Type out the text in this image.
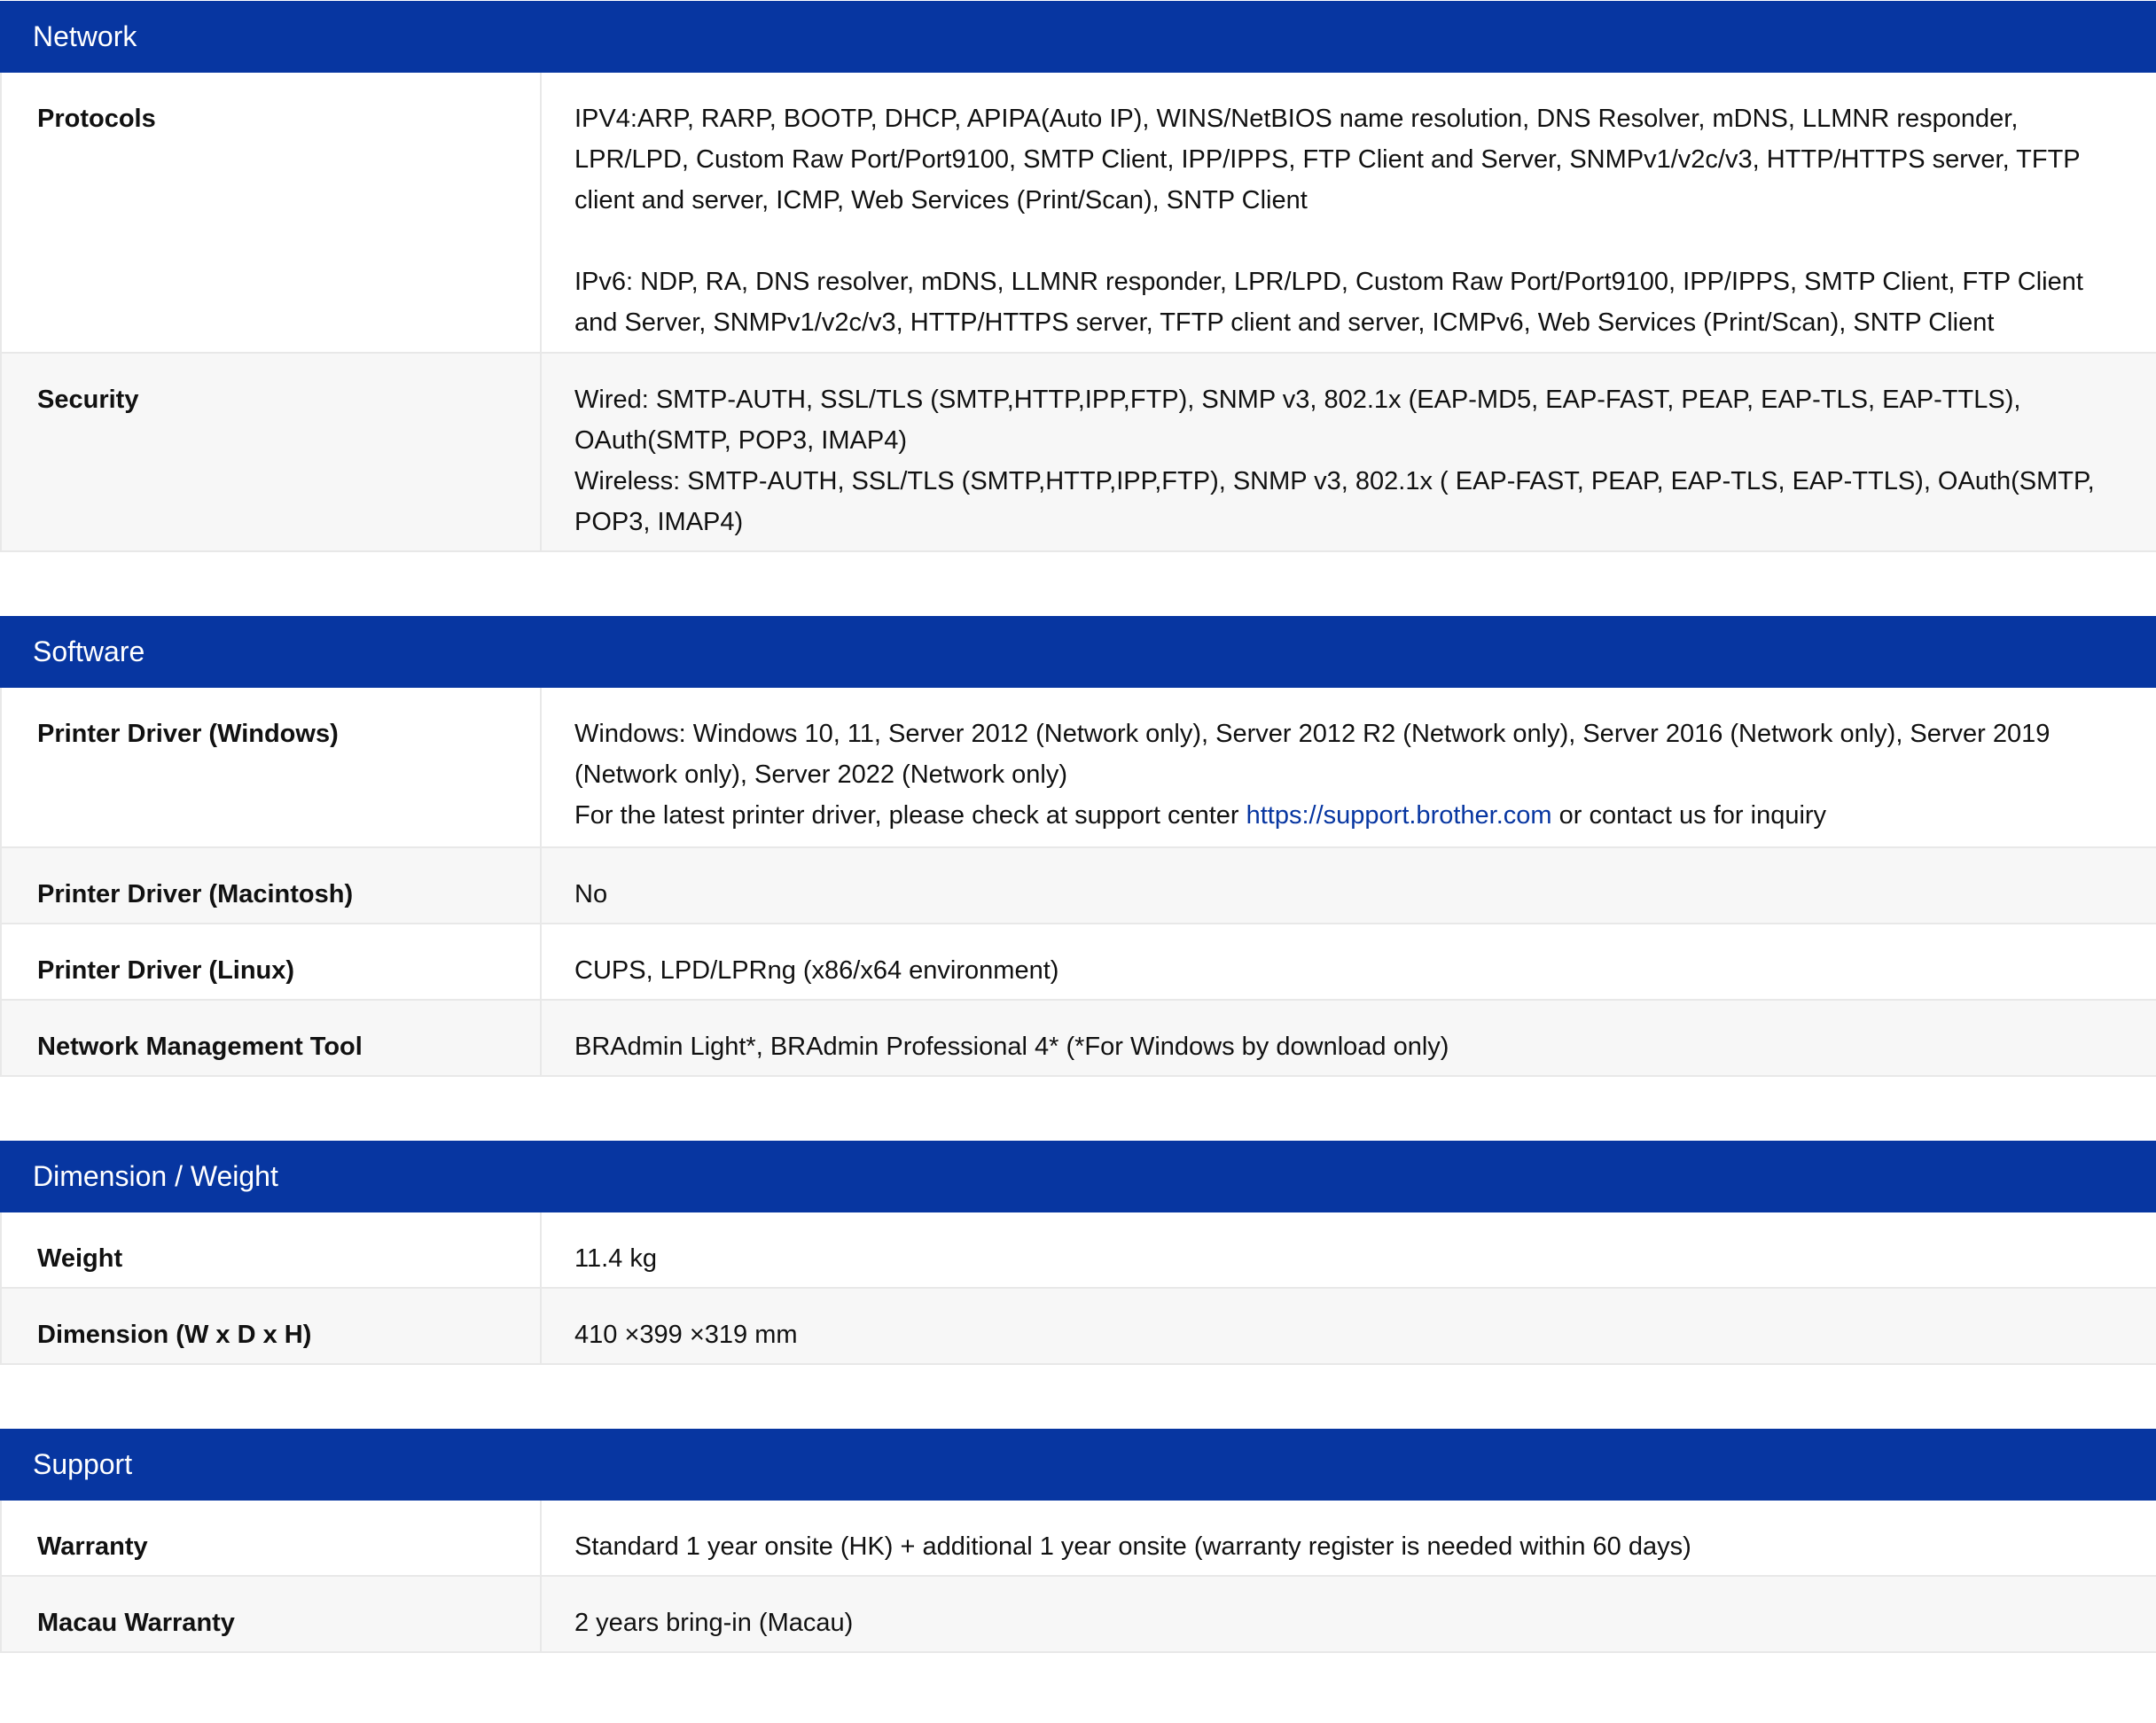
Network
Protocols	IPV4:ARP, RARP, BOOTP, DHCP, APIPA(Auto IP), WINS/NetBIOS name resolution, DNS Resolver, mDNS, LLMNR responder, LPR/LPD, Custom Raw Port/Port9100, SMTP Client, IPP/IPPS, FTP Client and Server, SNMPv1/v2c/v3, HTTP/HTTPS server, TFTP client and server, ICMP, Web Services (Print/Scan), SNTP Client

IPv6: NDP, RA, DNS resolver, mDNS, LLMNR responder, LPR/LPD, Custom Raw Port/Port9100, IPP/IPPS, SMTP Client, FTP Client and Server, SNMPv1/v2c/v3, HTTP/HTTPS server, TFTP client and server, ICMPv6, Web Services (Print/Scan), SNTP Client

Security	Wired: SMTP-AUTH, SSL/TLS (SMTP,HTTP,IPP,FTP), SNMP v3, 802.1x (EAP-MD5, EAP-FAST, PEAP, EAP-TLS, EAP-TTLS), OAuth(SMTP, POP3, IMAP4)

Wireless: SMTP-AUTH, SSL/TLS (SMTP,HTTP,IPP,FTP), SNMP v3, 802.1x ( EAP-FAST, PEAP, EAP-TLS, EAP-TTLS), OAuth(SMTP, POP3, IMAP4)

Software
Printer Driver (Windows)	Windows: Windows 10, 11, Server 2012 (Network only), Server 2012 R2 (Network only), Server 2016 (Network only), Server 2019 (Network only), Server 2022 (Network only)

For the latest printer driver, please check at support center https://support.brother.com or contact us for inquiry

Printer Driver (Macintosh)	No
Printer Driver (Linux)	CUPS, LPD/LPRng (x86/x64 environment)
Network Management Tool	BRAdmin Light*, BRAdmin Professional 4* (*For Windows by download only)
Dimension / Weight
Weight	11.4 kg
Dimension (W x D x H)	410 ×399 ×319 mm
Support
Warranty	Standard 1 year onsite (HK) + additional 1 year onsite (warranty register is needed within 60 days)
Macau Warranty	2 years bring-in (Macau)
